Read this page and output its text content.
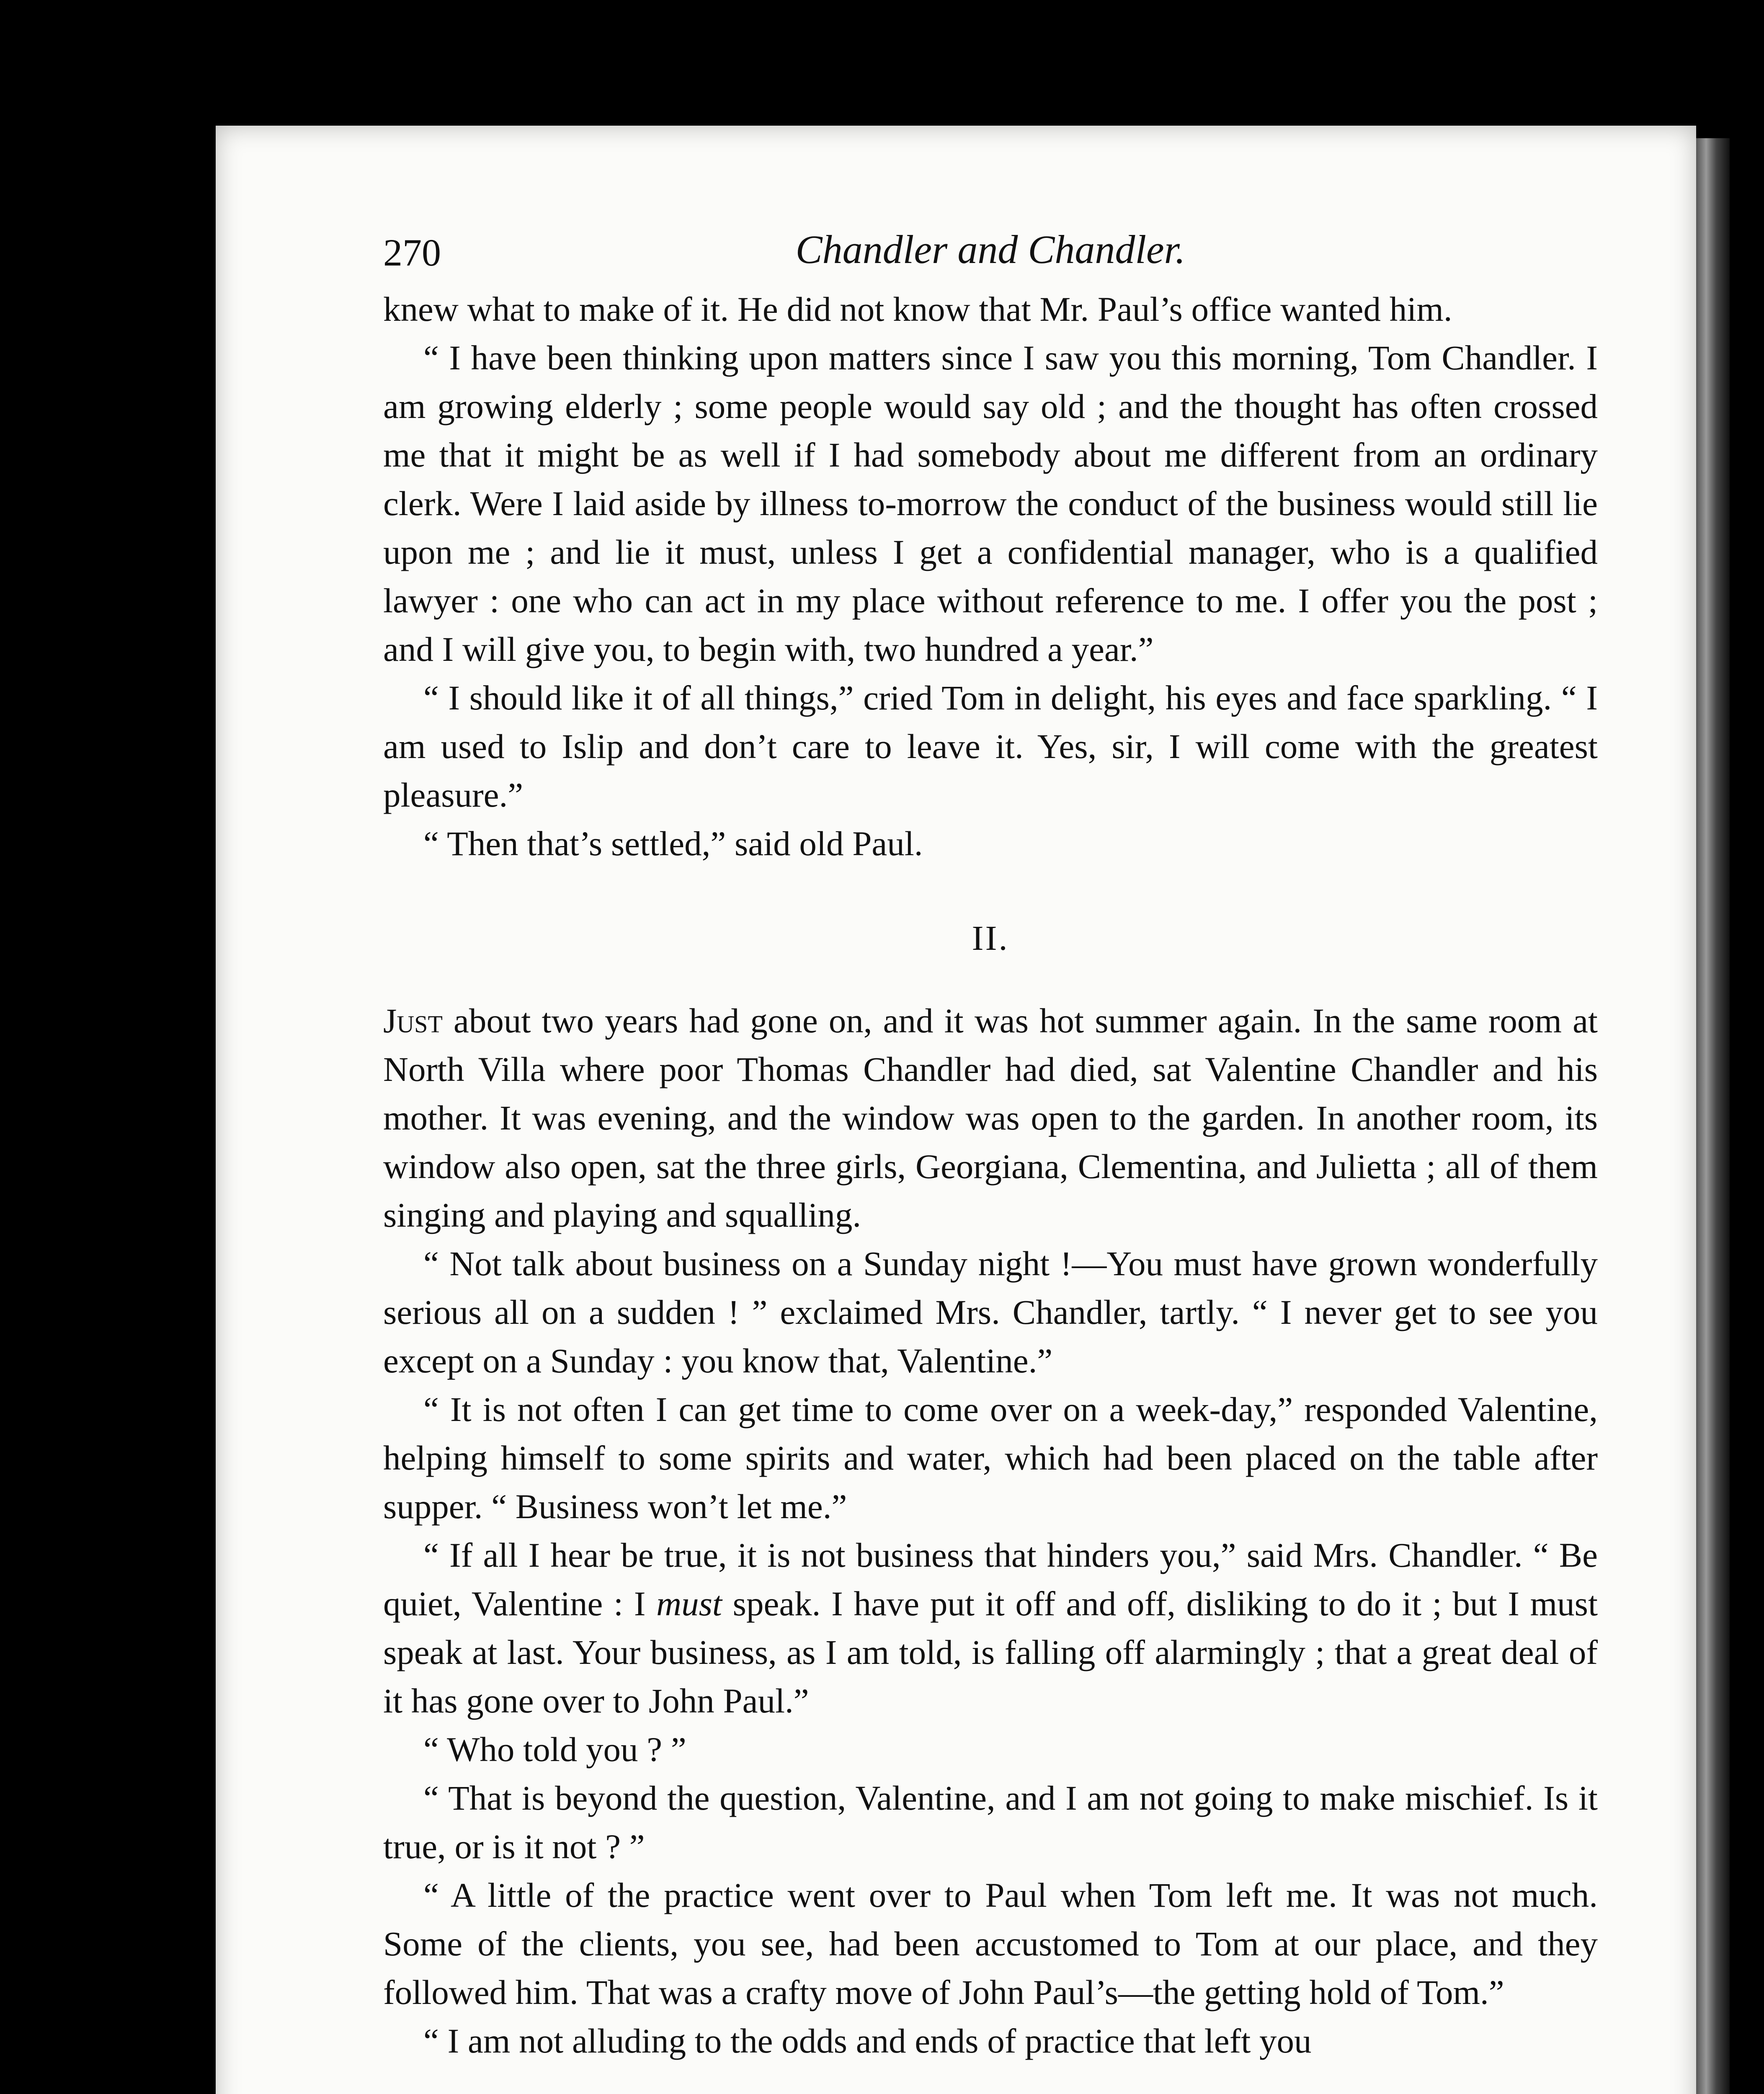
270	Chandler and Chandler.

knew what to make of it. He did not know that Mr. Paul’s office wanted him.

“ I have been thinking upon matters since I saw you this morning, Tom Chandler. I am growing elderly ; some people would say old ; and the thought has often crossed me that it might be as well if I had somebody about me different from an ordinary clerk. Were I laid aside by illness to-morrow the conduct of the business would still lie upon me ; and lie it must, unless I get a confidential manager, who is a qualified lawyer : one who can act in my place without reference to me. I offer you the post ; and I will give you, to begin with, two hundred a year.”

“ I should like it of all things,” cried Tom in delight, his eyes and face sparkling. “ I am used to Islip and don’t care to leave it. Yes, sir, I will come with the greatest pleasure.”

“ Then that’s settled,” said old Paul.

II.

Just about two years had gone on, and it was hot summer again. In the same room at North Villa where poor Thomas Chandler had died, sat Valentine Chandler and his mother. It was evening, and the window was open to the garden. In another room, its window also open, sat the three girls, Georgiana, Clementina, and Julietta ; all of them singing and playing and squalling.

“ Not talk about business on a Sunday night !—You must have grown wonderfully serious all on a sudden ! ” exclaimed Mrs. Chandler, tartly. “ I never get to see you except on a Sunday : you know that, Valentine.”

“ It is not often I can get time to come over on a week-day,” responded Valentine, helping himself to some spirits and water, which had been placed on the table after supper. “ Business won’t let me.”

“ If all I hear be true, it is not business that hinders you,” said Mrs. Chandler. “ Be quiet, Valentine : I must speak. I have put it off and off, disliking to do it ; but I must speak at last. Your business, as I am told, is falling off alarmingly ; that a great deal of it has gone over to John Paul.”

“ Who told you ? ”

“ That is beyond the question, Valentine, and I am not going to make mischief. Is it true, or is it not ? ”

“ A little of the practice went over to Paul when Tom left me. It was not much. Some of the clients, you see, had been accustomed to Tom at our place, and they followed him. That was a crafty move of John Paul’s—the getting hold of Tom.”

“ I am not alluding to the odds and ends of practice that left you
